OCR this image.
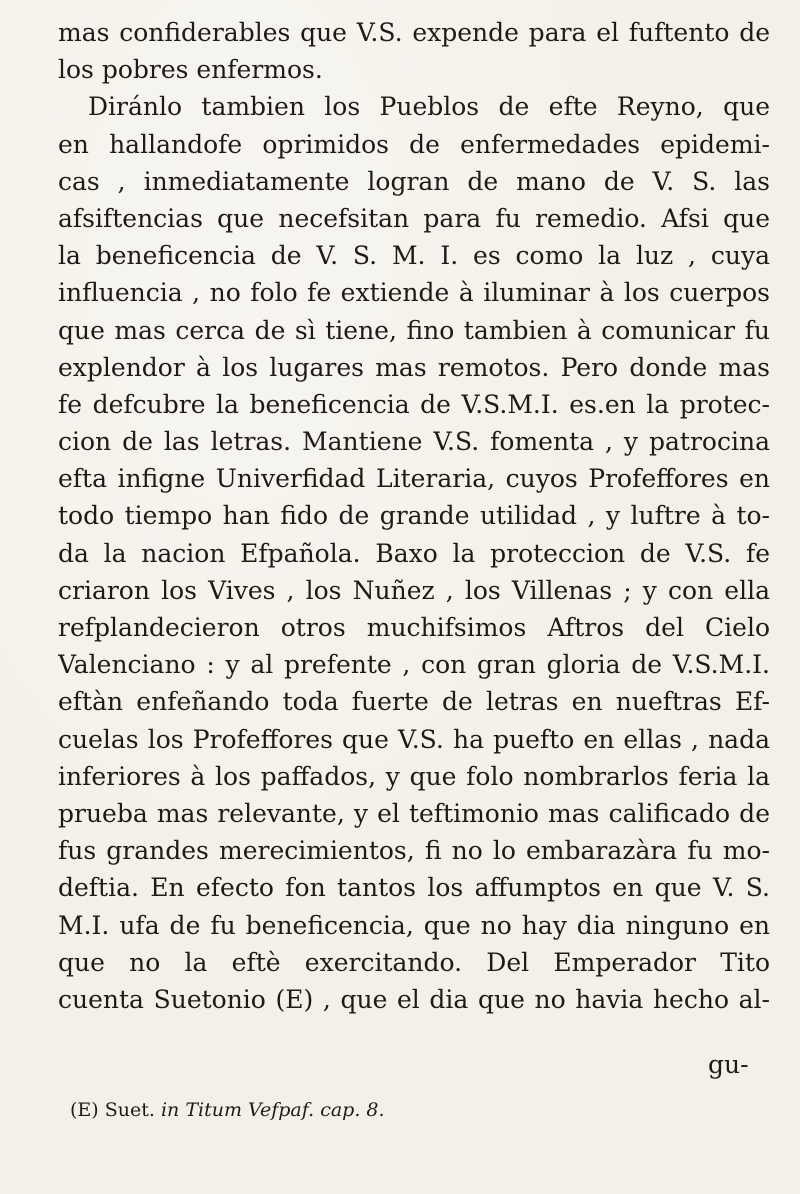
mas confiderables que V.S. expende para el fuftento de
los pobres enfermos.
Diránlo tambien los Pueblos de efte Reyno, que
en hallandofe oprimidos de enfermedades epidemi-
cas , inmediatamente logran de mano de V. S. las
afsiftencias que necefsitan para fu remedio. Afsi que
la beneficencia de V. S. M. I. es como la luz , cuya
influencia , no folo fe extiende à iluminar à los cuerpos
que mas cerca de sì tiene, fino tambien à comunicar fu
explendor à los lugares mas remotos. Pero donde mas
fe defcubre la beneficencia de V.S.M.I. es.en la protec-
cion de las letras. Mantiene V.S. fomenta , y patrocina
efta infigne Univerfidad Literaria, cuyos Profeffores en
todo tiempo han fido de grande utilidad , y luftre à to-
da la nacion Efpañola. Baxo la proteccion de V.S. fe
criaron los Vives , los Nuñez , los Villenas ; y con ella
refplandecieron otros muchifsimos Aftros del Cielo
Valenciano : y al prefente , con gran gloria de V.S.M.I.
eftàn enfeñando toda fuerte de letras en nueftras Ef-
cuelas los Profeffores que V.S. ha puefto en ellas , nada
inferiores à los paffados, y que folo nombrarlos feria la
prueba mas relevante, y el teftimonio mas calificado de
fus grandes merecimientos, fi no lo embarazàra fu mo-
deftia. En efecto fon tantos los affumptos en que V. S.
M.I. ufa de fu beneficencia, que no hay dia ninguno en
que no la eftè exercitando. Del Emperador Tito
cuenta Suetonio (E) , que el dia que no havia hecho al-
gu-
(E) Suet. in Titum Vefpaf. cap. 8.
